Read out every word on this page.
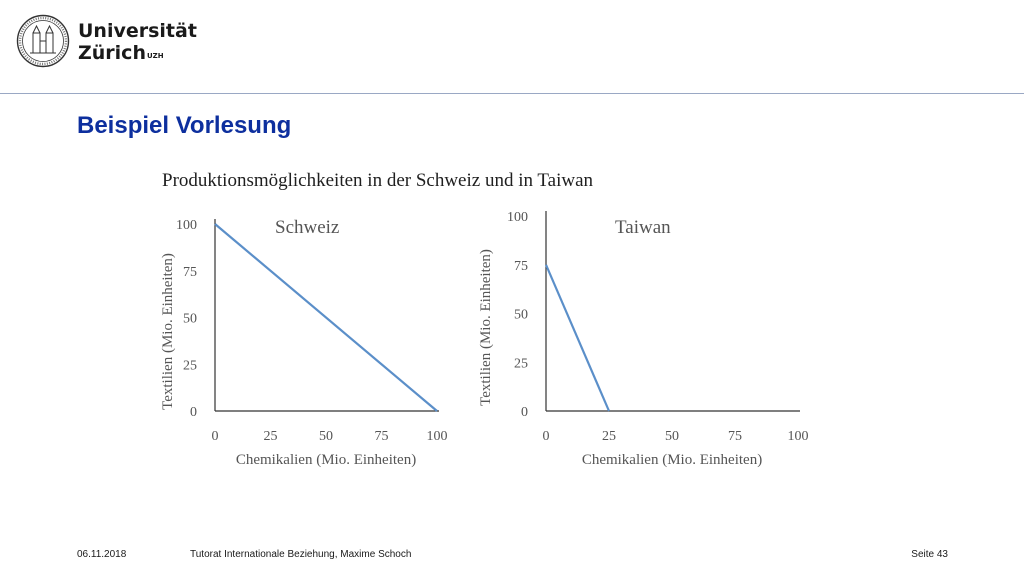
Universität
Zürich$^{UZH}$
Beispiel Vorlesung
Produktionsmöglichkeiten in der Schweiz und in Taiwan
0
25
50
75
100
0	25	50	75	100
Chemikalien (Mio. Einheiten)
Textilien (Mio. Einheiten)
Schweiz
0
25
50
75
100
0	25	50	75	100
Chemikalien (Mio. Einheiten)
Textilien (Mio. Einheiten)
Taiwan
06.11.2018	Tutorat Internationale Beziehung, Maxime Schoch	Seite 43
